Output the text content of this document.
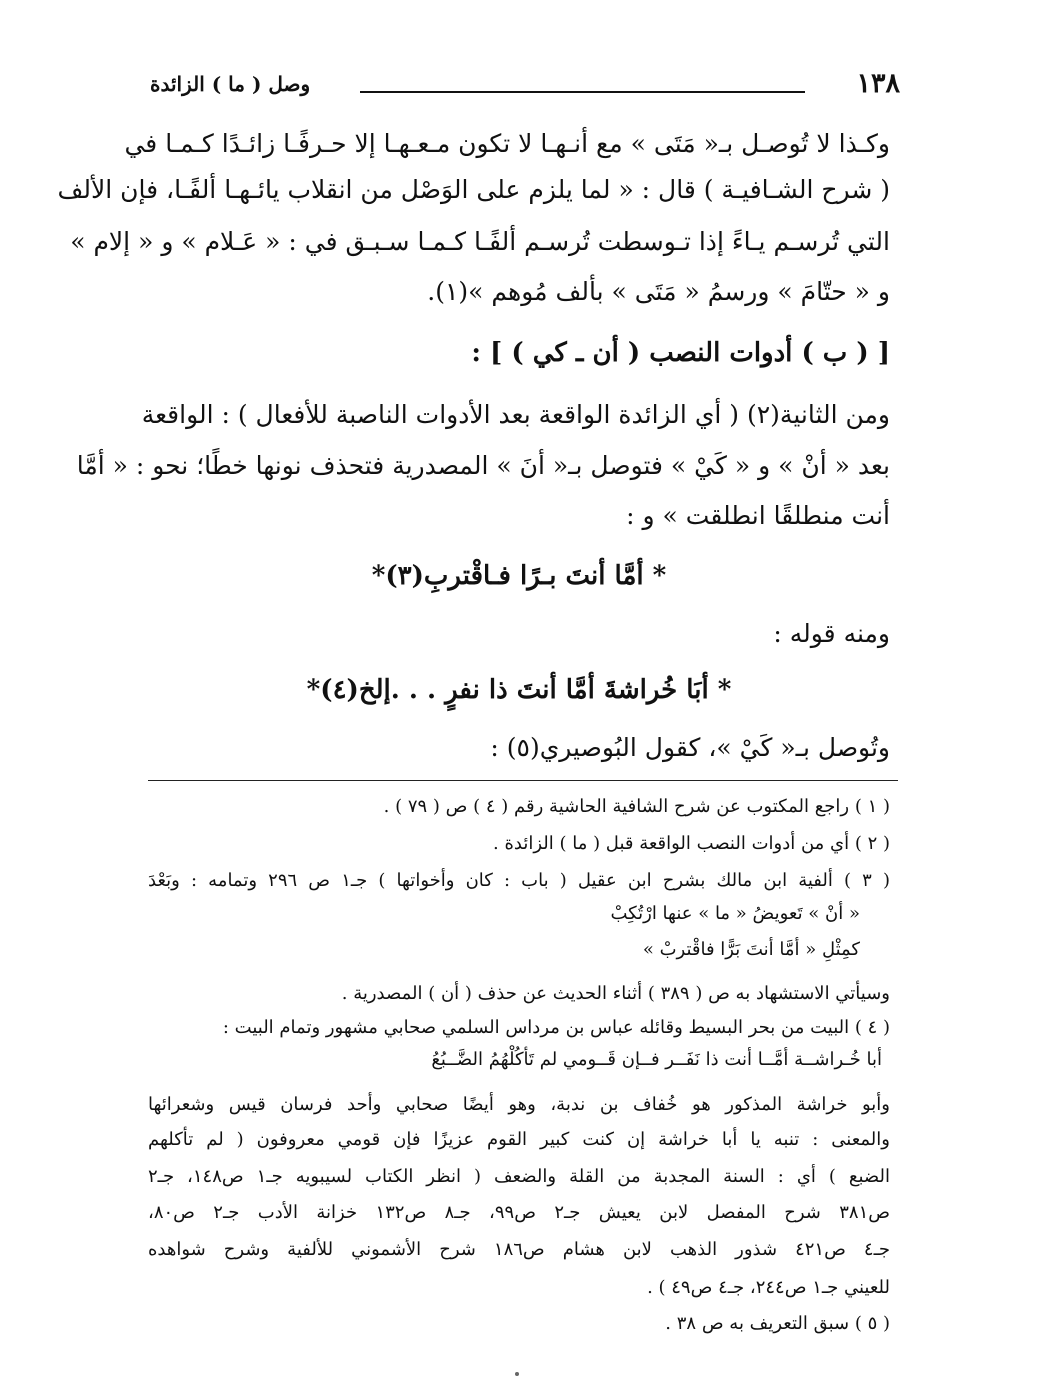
١٣٨
وصل ( ما ) الزائدة
وكـذا لا تُوصـل بـ« مَتَى » مع أنـهـا لا تكون مـعـهـا إلا حـرفًـا زائـدًا كـمـا في
( شرح الشـافيـة ) قال : « لما يلزم على الوَصْل من انقلاب يائـهـا ألفًـا، فإن الألف
التي تُرسـم يـاءً إذا تـوسطت تُرسـم ألفًـا كـمـا سـبـق في : « عَـلام » و « إلام »
و « حتّامَ » ورسمُ « مَتَى » بألف مُوهم »(١).
[ ( ب ) أدوات النصب ( أن ـ كي ) ] :
ومن الثانية(٢) ( أي الزائدة الواقعة بعد الأدوات الناصبة للأفعال ) : الواقعة
بعد « أنْ » و « كَيْ » فتوصل بـ« أنَ » المصدرية فتحذف نونها خطًا؛ نحو : « أمَّا
أنت منطلقًا انطلقت » و :
* أمَّا أنتَ بـرًا فـاقْتربِ(٣)*
ومنه قوله :
* أبَا خُراشةَ أمَّا أنتَ ذا نفرٍ . . .إلخ(٤)*
وتُوصل بـ« كَيْ »، كقول البُوصيري(٥) :
( ١ ) راجع المكتوب عن شرح الشافية الحاشية رقم ( ٤ ) ص ( ٧٩ ) .
( ٢ ) أي من أدوات النصب الواقعة قبل ( ما ) الزائدة .
( ٣ ) ألفية ابن مالك بشرح ابن عقيل ( باب : كان وأخواتها ) جـ١ ص ٢٩٦ وتمامه : وبَعْدَ
« أنْ » تَعويضُ « ما » عنها ارْتُكِبْ
كمِثْلِ « أمَّا أنتَ بَرًّا فاقْتربْ »
وسيأتي الاستشهاد به ص ( ٣٨٩ ) أثناء الحديث عن حذف ( أن ) المصدرية .
( ٤ ) البيت من بحر البسيط وقائله عباس بن مرداس السلمي صحابي مشهور وتمام البيت :
أبا خُـراشــة أمَّــا أنت ذا نَفَــر فــإن قَــومي لم تَأكُلْهُمُ الضَّــبُعُ
وأبو خراشة المذكور هو خُفاف بن ندبة، وهو أيضًا صحابي وأحد فرسان قيس وشعرائها
والمعنى : تنبه يا أبا خراشة إن كنت كبير القوم عزيزًا فإن قومي معروفون ( لم تأكلهم
الضبع ) أي : السنة المجدبة من القلة والضعف ( انظر الكتاب لسيبويه جـ١ ص١٤٨، جـ٢
ص٣٨١ شرح المفصل لابن يعيش جـ٢ ص٩٩، جـ٨ ص١٣٢ خزانة الأدب جـ٢ ص٨٠،
جـ٤ ص٤٢١ شذور الذهب لابن هشام ص١٨٦ شرح الأشموني للألفية وشرح شواهده
للعيني جـ١ ص٢٤٤، جـ٤ ص٤٩ ) .
( ٥ ) سبق التعريف به ص ٣٨ .
